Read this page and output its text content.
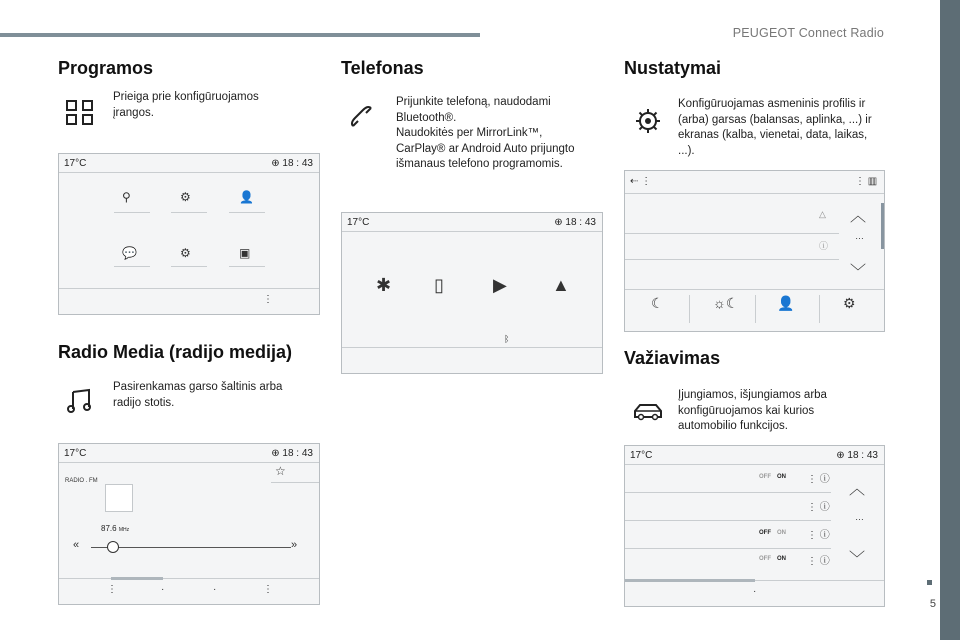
PEUGEOT Connect Radio
5
Programos
Prieiga prie konfigūruojamos įrangos.
17°C	⊕ 18 : 43
⚲	⚙	👤
💬	⚙	▣
⋮
Radio Media (radijo medija)
Pasirenkamas garso šaltinis arba radijo stotis.
17°C	⊕ 18 : 43
☆
RADIO . FM
87.6 MHz
«	»
⋮	·	·	⋮
Telefonas
Prijunkite telefoną, naudodami Bluetooth®.
Naudokitės per MirrorLink™, CarPlay® ar Android Auto prijungto išmanaus telefono programomis.
17°C	⊕ 18 : 43
✱ ▯	▶	▲
ᛒ
Nustatymai
Konfigūruojamas asmeninis profilis ir (arba) garsas (balansas, aplinka, ...) ir ekranas (kalba, vienetai, data, laikas, ...).
⇠ ⋮	⋮ ▥
△
ⓘ
︿
…
﹀
☾	☼☾	👤	⚙
Važiavimas
Įjungiamos, išjungiamos arba konfigūruojamos kai kurios automobilio funkcijos.
17°C	⊕ 18 : 43
OFF ON ⋮ ⓘ
⋮ ⓘ
OFF ON ⋮ ⓘ
OFF ON ⋮ ⓘ
︿
…
﹀
·
